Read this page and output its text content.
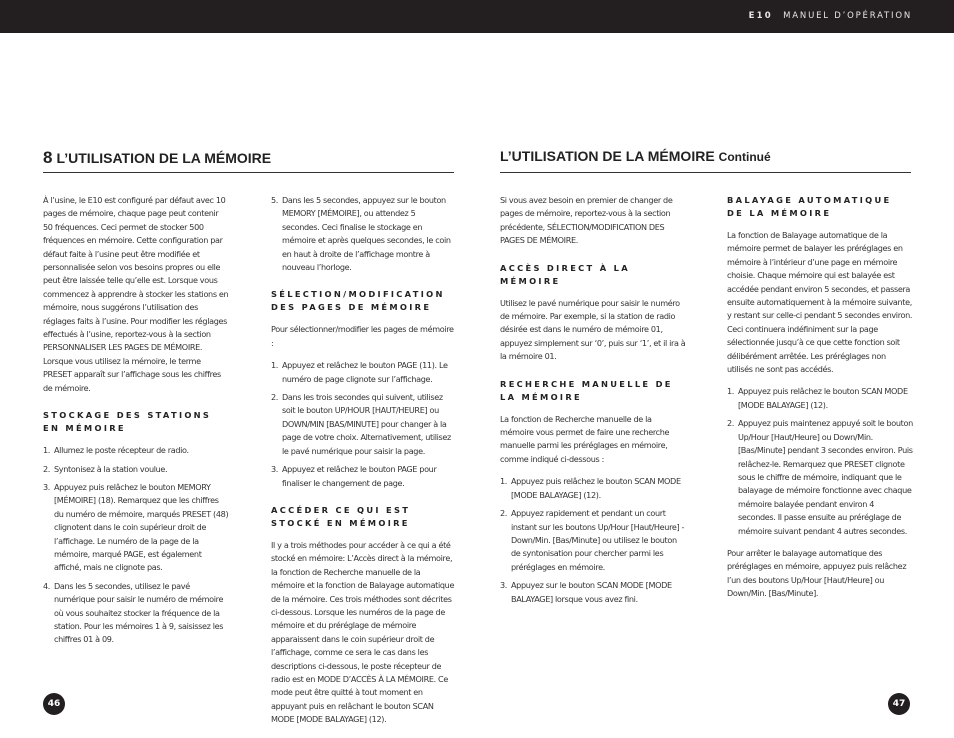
E10 MANUEL D’OPÉRATION
8 L’UTILISATION DE LA MÉMOIRE	L’UTILISATION DE LA MÉMOIRE Continué

À l’usine, le E10 est configuré par défaut avec 10 pages de mémoire, chaque page peut contenir 50 fréquences. Ceci permet de stocker 500 fréquences en mémoire. Cette configuration par défaut faite à l’usine peut être modifiée et personnalisée selon vos besoins propres ou elle peut être laissée telle qu’elle est. Lorsque vous commencez à apprendre à stocker les stations en mémoire, nous suggérons l’utilisation des réglages faits à l’usine. Pour modifier les réglages effectués à l’usine, reportez-vous à la section PERSONNALISER LES PAGES DE MÉMOIRE. Lorsque vous utilisez la mémoire, le terme PRESET apparaît sur l’affichage sous les chiffres de mémoire.

STOCKAGE DES STATIONS EN MÉMOIRE
1. Allumez le poste récepteur de radio.
2. Syntonisez à la station voulue.
3. Appuyez puis relâchez le bouton MEMORY [MÉMOIRE] (18). Remarquez que les chiffres du numéro de mémoire, marqués PRESET (48) clignotent dans le coin supérieur droit de l’affichage. Le numéro de la page de la mémoire, marqué PAGE, est également affiché, mais ne clignote pas.
4. Dans les 5 secondes, utilisez le pavé numérique pour saisir le numéro de mémoire où vous souhaitez stocker la fréquence de la station. Pour les mémoires 1 à 9, saisissez les chiffres 01 à 09.
5. Dans les 5 secondes, appuyez sur le bouton MEMORY [MÉMOIRE], ou attendez 5 secondes. Ceci finalise le stockage en mémoire et après quelques secondes, le coin en haut à droite de l’affichage montre à nouveau l’horloge.
SÉLECTION/MODIFICATION DES PAGES DE MÉMOIRE

Pour sélectionner/modifier les pages de mémoire :

1. Appuyez et relâchez le bouton PAGE (11). Le numéro de page clignote sur l’affichage.
2. Dans les trois secondes qui suivent, utilisez soit le bouton UP/HOUR [HAUT/HEURE] ou DOWN/MIN [BAS/MINUTE] pour changer à la page de votre choix. Alternativement, utilisez le pavé numérique pour saisir la page.
3. Appuyez et relâchez le bouton PAGE pour finaliser le changement de page.
ACCÉDER CE QUI EST STOCKÉ EN MÉMOIRE

Il y a trois méthodes pour accéder à ce qui a été stocké en mémoire: L’Accès direct à la mémoire, la fonction de Recherche manuelle de la mémoire et la fonction de Balayage automatique de la mémoire. Ces trois méthodes sont décrites ci-dessous. Lorsque les numéros de la page de mémoire et du préréglage de mémoire apparaissent dans le coin supérieur droit de l’affichage, comme ce sera le cas dans les descriptions ci-dessous, le poste récepteur de radio est en MODE D’ACCÈS À LA MÉMOIRE. Ce mode peut être quitté à tout moment en appuyant puis en relâchant le bouton SCAN MODE [MODE BALAYAGE] (12).

Si vous avez besoin en premier de changer de pages de mémoire, reportez-vous à la section précédente, SÉLECTION/MODIFICATION DES PAGES DE MÉMOIRE.

ACCÈS DIRECT À LA MÉMOIRE

Utilisez le pavé numérique pour saisir le numéro de mémoire. Par exemple, si la station de radio désirée est dans le numéro de mémoire 01, appuyez simplement sur ‘0’, puis sur ‘1’, et il ira à la mémoire 01.

RECHERCHE MANUELLE DE LA MÉMOIRE

La fonction de Recherche manuelle de la mémoire vous permet de faire une recherche manuelle parmi les préréglages en mémoire, comme indiqué ci-dessous :

1. Appuyez puis relâchez le bouton SCAN MODE [MODE BALAYAGE] (12).
2. Appuyez rapidement et pendant un court instant sur les boutons Up/Hour [Haut/Heure] - Down/Min. [Bas/Minute] ou utilisez le bouton de syntonisation pour chercher parmi les préréglages en mémoire.
3. Appuyez sur le bouton SCAN MODE [MODE BALAYAGE] lorsque vous avez fini.
BALAYAGE AUTOMATIQUE DE LA MÉMOIRE

La fonction de Balayage automatique de la mémoire permet de balayer les préréglages en mémoire à l’intérieur d’une page en mémoire choisie. Chaque mémoire qui est balayée est accédée pendant environ 5 secondes, et passera ensuite automatiquement à la mémoire suivante, y restant sur celle-ci pendant 5 secondes environ. Ceci continuera indéfiniment sur la page sélectionnée jusqu’à ce que cette fonction soit délibérément arrêtée. Les préréglages non utilisés ne sont pas accédés.

1. Appuyez puis relâchez le bouton SCAN MODE [MODE BALAYAGE] (12).
2. Appuyez puis maintenez appuyé soit le bouton Up/Hour [Haut/Heure] ou Down/Min. [Bas/Minute] pendant 3 secondes environ. Puis relâchez-le. Remarquez que PRESET clignote sous le chiffre de mémoire, indiquant que le balayage de mémoire fonctionne avec chaque mémoire balayée pendant environ 4 secondes. Il passe ensuite au préréglage de mémoire suivant pendant 4 autres secondes.

Pour arrêter le balayage automatique des préréglages en mémoire, appuyez puis relâchez l’un des boutons Up/Hour [Haut/Heure] ou Down/Min. [Bas/Minute].

46	47
